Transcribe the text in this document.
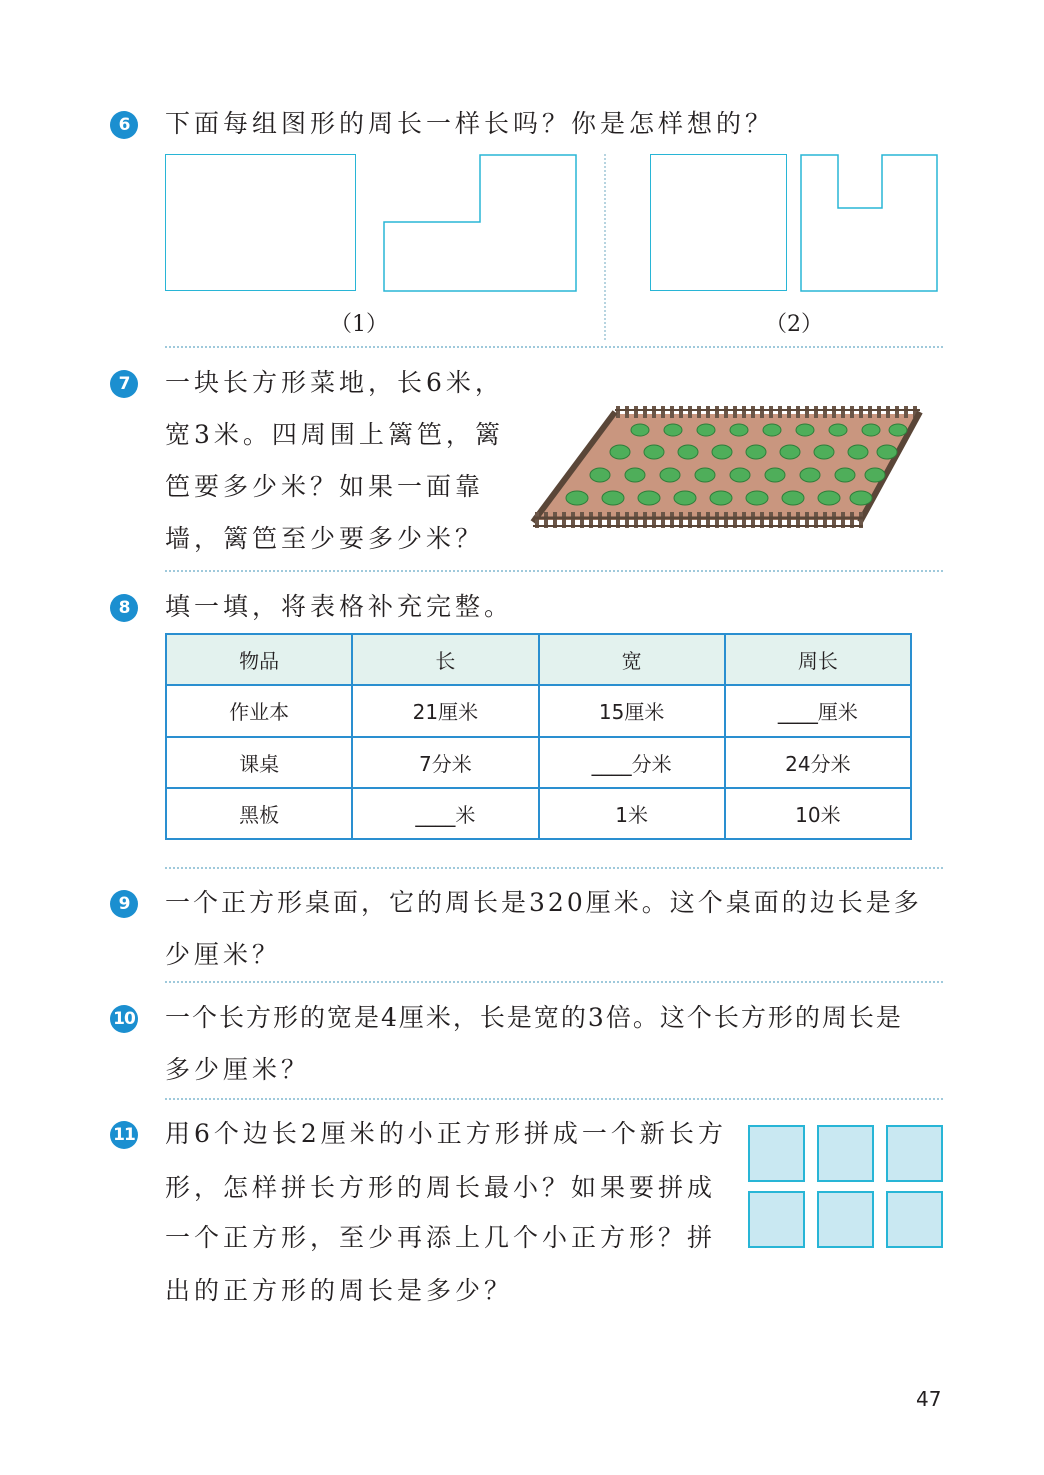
6	下面每组图形的周长一样长吗？你是怎样想的？
（1）	（2）
7	一块长方形菜地，长6米，
宽3米。四周围上篱笆，篱
笆要多少米？如果一面靠
墙，篱笆至少要多少米？
8	填一填，将表格补充完整。
物品	长	宽	周长
作业本	21厘米	15厘米	____厘米
课桌	7分米	____分米	24分米
黑板	____米	1米	10米
9	一个正方形桌面，它的周长是320厘米。这个桌面的边长是多
少厘米？
10 一个长方形的宽是4厘米，长是宽的3倍。这个长方形的周长是
多少厘米？
11 用6个边长2厘米的小正方形拼成一个新长方
形，怎样拼长方形的周长最小？如果要拼成
一个正方形，至少再添上几个小正方形？拼
出的正方形的周长是多少？
47
